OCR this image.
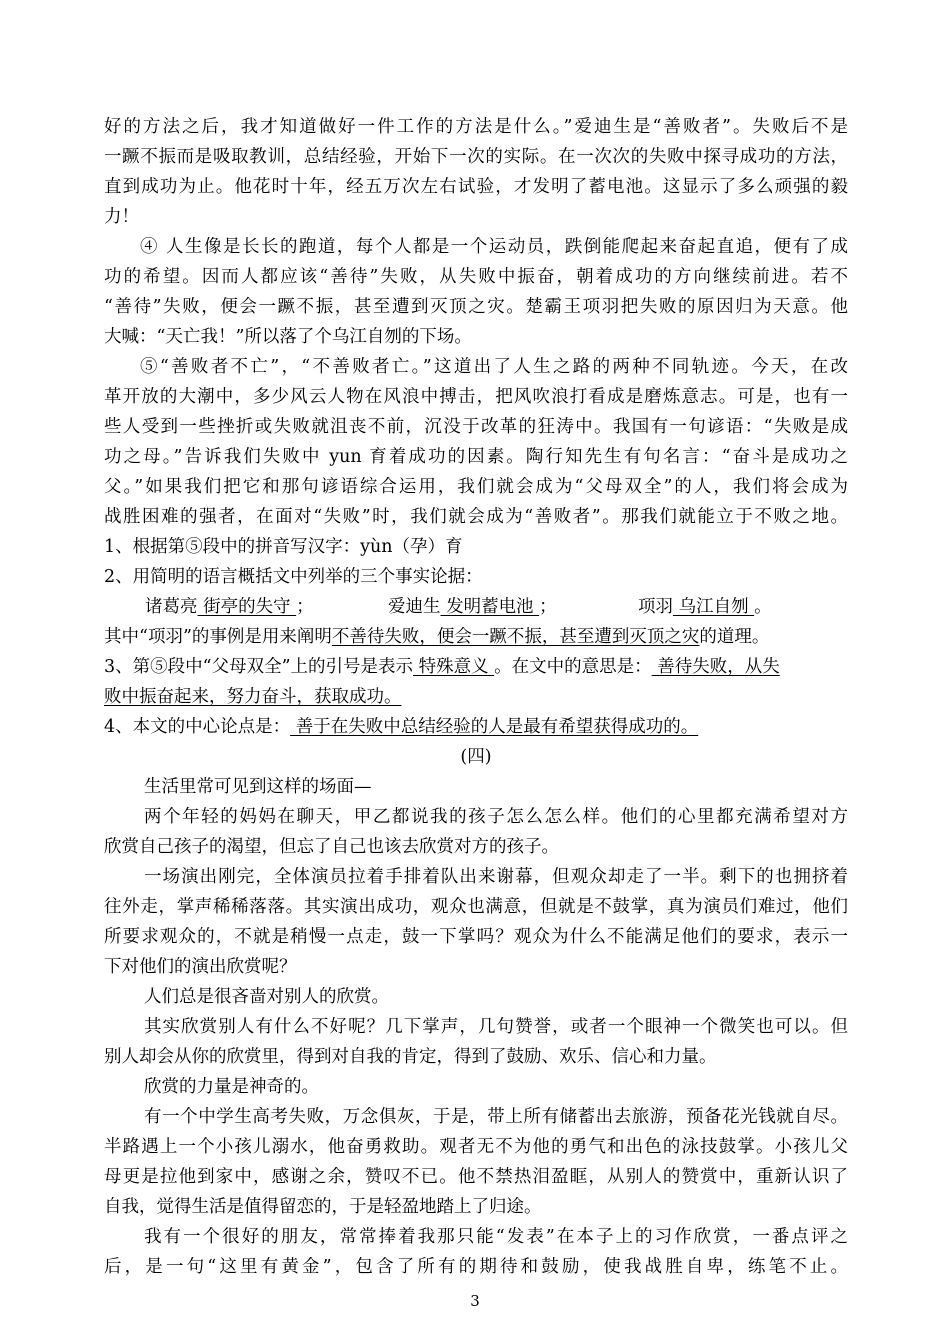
好的方法之后，我才知道做好一件工作的方法是什么。”爱迪生是“善败者”。失败后不是
一蹶不振而是吸取教训，总结经验，开始下一次的实际。在一次次的失败中探寻成功的方法，
直到成功为止。他花时十年，经五万次左右试验，才发明了蓄电池。这显示了多么顽强的毅
力！
④ 人生像是长长的跑道，每个人都是一个运动员，跌倒能爬起来奋起直追，便有了成
功的希望。因而人都应该“善待”失败，从失败中振奋，朝着成功的方向继续前进。若不
“善待”失败，便会一蹶不振，甚至遭到灭顶之灾。楚霸王项羽把失败的原因归为天意。他
大喊：“天亡我！”所以落了个乌江自刎的下场。
⑤“善败者不亡”，“不善败者亡。”这道出了人生之路的两种不同轨迹。今天，在改
革开放的大潮中，多少风云人物在风浪中搏击，把风吹浪打看成是磨炼意志。可是，也有一
些人受到一些挫折或失败就沮丧不前，沉没于改革的狂涛中。我国有一句谚语：“失败是成
功之母。”告诉我们失败中 yun 育着成功的因素。陶行知先生有句名言：“奋斗是成功之
父。”如果我们把它和那句谚语综合运用，我们就会成为“父母双全”的人，我们将会成为
战胜困难的强者，在面对“失败”时，我们就会成为“善败者”。那我们就能立于不败之地。
1、根据第⑤段中的拼音写汉字：yùn（孕）育
2、用简明的语言概括文中列举的三个事实论据：
诸葛亮 街亭的失守 ；	爱迪生 发明蓄电池 ；	项羽 乌江自刎 。
其中“项羽”的事例是用来阐明不善待失败，便会一蹶不振，甚至遭到灭顶之灾的道理。
3、第⑤段中“父母双全”上的引号是表示 特殊意义 。在文中的意思是： 善待失败，从失
败中振奋起来，努力奋斗，获取成功。
4、本文的中心论点是： 善于在失败中总结经验的人是最有希望获得成功的。
(四)
生活里常可见到这样的场面—
两个年轻的妈妈在聊天，甲乙都说我的孩子怎么怎么样。他们的心里都充满希望对方
欣赏自己孩子的渴望，但忘了自己也该去欣赏对方的孩子。
一场演出刚完，全体演员拉着手排着队出来谢幕，但观众却走了一半。剩下的也拥挤着
往外走，掌声稀稀落落。其实演出成功，观众也满意，但就是不鼓掌，真为演员们难过，他们
所要求观众的，不就是稍慢一点走，鼓一下掌吗？观众为什么不能满足他们的要求，表示一
下对他们的演出欣赏呢？
人们总是很吝啬对别人的欣赏。
其实欣赏别人有什么不好呢？几下掌声，几句赞誉，或者一个眼神一个微笑也可以。但
别人却会从你的欣赏里，得到对自我的肯定，得到了鼓励、欢乐、信心和力量。
欣赏的力量是神奇的。
有一个中学生高考失败，万念俱灰，于是，带上所有储蓄出去旅游，预备花光钱就自尽。
半路遇上一个小孩儿溺水，他奋勇救助。观者无不为他的勇气和出色的泳技鼓掌。小孩儿父
母更是拉他到家中，感谢之余，赞叹不已。他不禁热泪盈眶，从别人的赞赏中，重新认识了
自我，觉得生活是值得留恋的，于是轻盈地踏上了归途。
我有一个很好的朋友，常常捧着我那只能“发表”在本子上的习作欣赏，一番点评之
后，是一句“这里有黄金”，包含了所有的期待和鼓励，使我战胜自卑，练笔不止。
3
